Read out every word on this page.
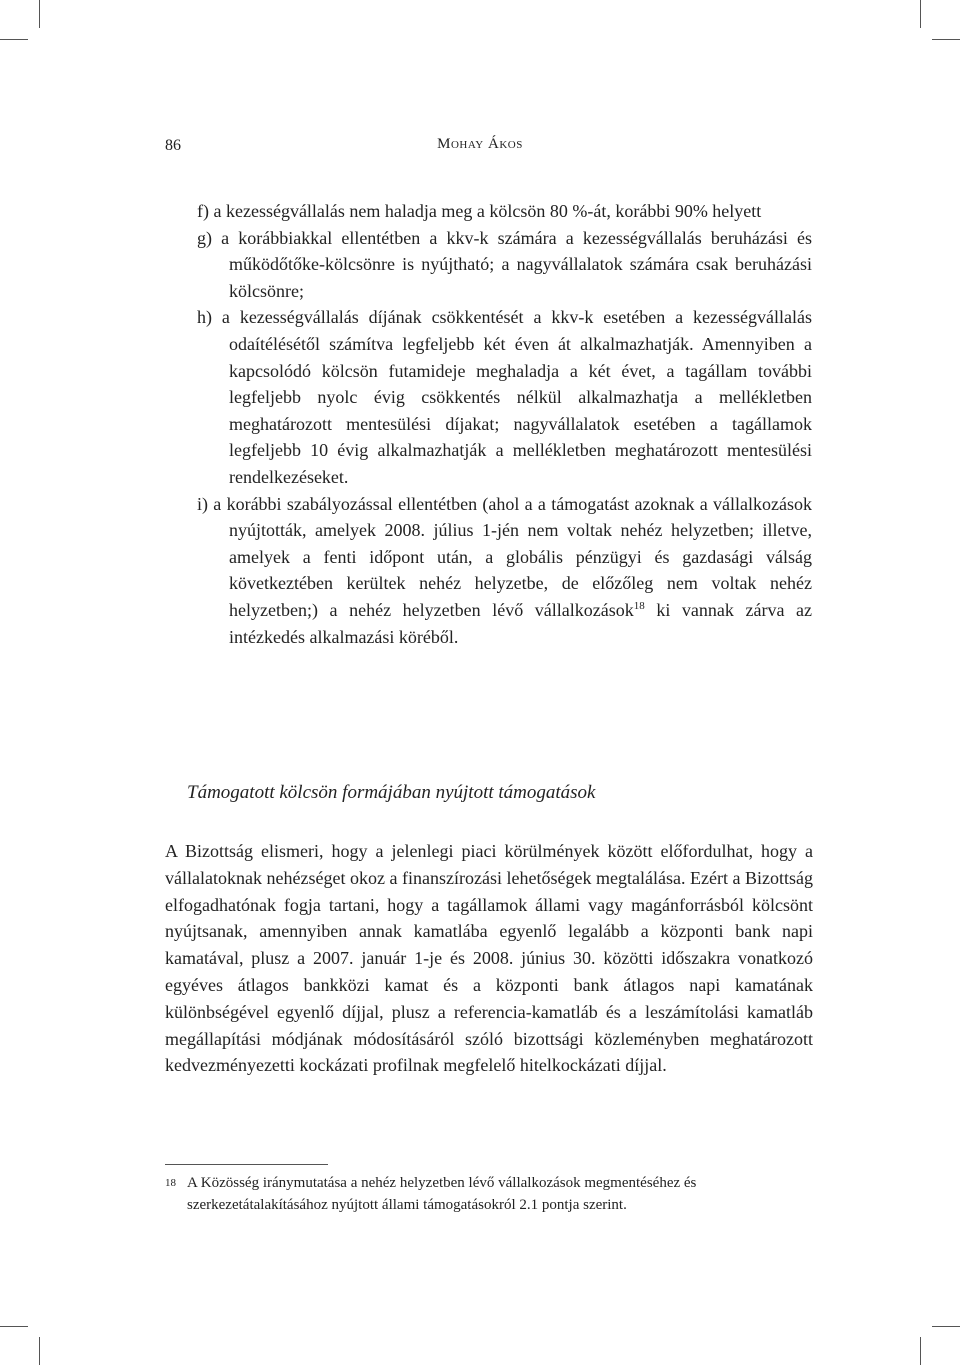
86	Mohay Ákos

f) a kezességvállalás nem haladja meg a kölcsön 80 %-át, korábbi 90% helyett

g) a korábbiakkal ellentétben a kkv-k számára a kezességvállalás beruházási és működőtőke-kölcsönre is nyújtható; a nagyvállalatok számára csak beruházási kölcsönre;

h) a kezességvállalás díjának csökkentését a kkv-k esetében a kezességvállalás odaítélésétől számítva legfeljebb két éven át alkalmazhatják. Amennyiben a kapcsolódó kölcsön futamideje meghaladja a két évet, a tagállam további legfeljebb nyolc évig csökkentés nélkül alkalmazhatja a mellékletben meghatározott mentesülési díjakat; nagyvállalatok esetében a tagállamok legfeljebb 10 évig alkalmazhatják a mellékletben meghatározott mentesülési rendelkezéseket.

i) a korábbi szabályozással ellentétben (ahol a a támogatást azoknak a vállalkozások nyújtották, amelyek 2008. július 1-jén nem voltak nehéz helyzetben; illetve, amelyek a fenti időpont után, a globális pénzügyi és gazdasági válság következtében kerültek nehéz helyzetbe, de előzőleg nem voltak nehéz helyzetben;) a nehéz helyzetben lévő vállalkozások$^{18}$ ki vannak zárva az intézkedés alkalmazási köréből.

Támogatott kölcsön formájában nyújtott támogatások

A Bizottság elismeri, hogy a jelenlegi piaci körülmények között előfordulhat, hogy a vállalatoknak nehézséget okoz a finanszírozási lehetőségek megtalálása. Ezért a Bizottság elfogadhatónak fogja tartani, hogy a tagállamok állami vagy magánforrásból kölcsönt nyújtsanak, amennyiben annak kamatlába egyenlő legalább a központi bank napi kamatával, plusz a 2007. január 1-je és 2008. június 30. közötti időszakra vonatkozó egyéves átlagos bankközi kamat és a központi bank átlagos napi kamatának különbségével egyenlő díjjal, plusz a referencia-kamatláb és a leszámítolási kamatláb megállapítási módjának módosításáról szóló bizottsági közleményben meghatározott kedvezményezetti kockázati profilnak megfelelő hitelkockázati díjjal.

18 A Közösség iránymutatása a nehéz helyzetben lévő vállalkozások megmentéséhez és szerkezetátalakításához nyújtott állami támogatásokról 2.1 pontja szerint.
